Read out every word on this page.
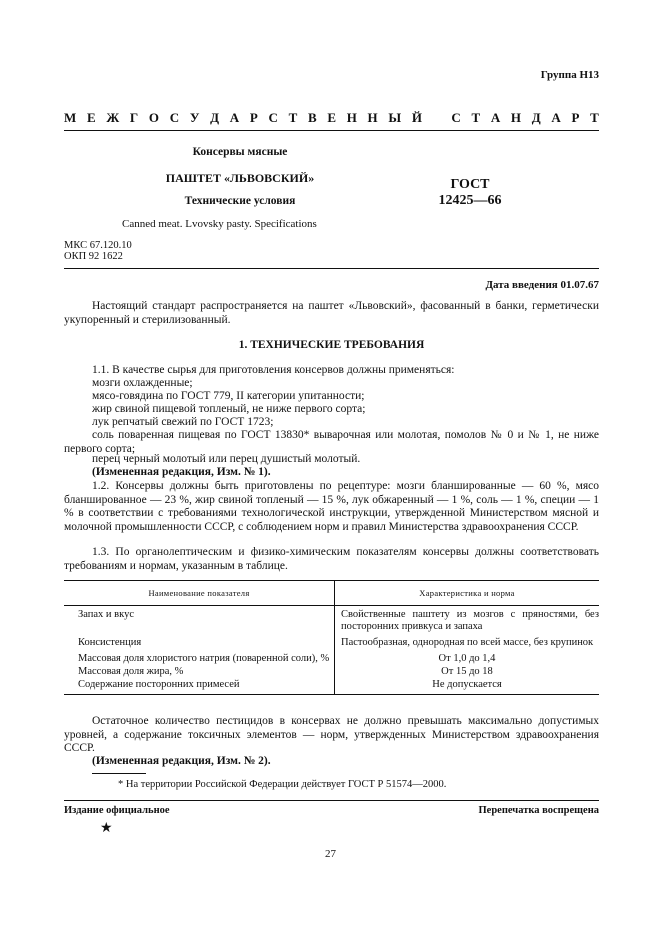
Группа Н13
М Е Ж Г О С У Д А Р С Т В Е Н Н Ы Й С Т А Н Д А Р Т
Консервы мясные
ПАШТЕТ «ЛЬВОВСКИЙ»
Технические условия
ГОСТ
12425—66
Canned meat. Lvovsky pasty. Specifications
МКС 67.120.10
ОКП 92 1622
Дата введения 01.07.67
Настоящий стандарт распространяется на паштет «Львовский», фасованный в банки, герметически укупоренный и стерилизованный.
1. ТЕХНИЧЕСКИЕ ТРЕБОВАНИЯ
1.1. В качестве сырья для приготовления консервов должны применяться:
мозги охлажденные;
мясо-говядина по ГОСТ 779, II категории упитанности;
жир свиной пищевой топленый, не ниже первого сорта;
лук репчатый свежий по ГОСТ 1723;
соль поваренная пищевая по ГОСТ 13830* выварочная или молотая, помолов № 0 и № 1, не ниже первого сорта;
перец черный молотый или перец душистый молотый.
(Измененная редакция, Изм. № 1).
1.2. Консервы должны быть приготовлены по рецептуре: мозги бланшированные — 60 %, мясо бланшированное — 23 %, жир свиной топленый — 15 %, лук обжаренный — 1 %, соль — 1 %, специи — 1 % в соответствии с требованиями технологической инструкции, утвержденной Министерством мясной и молочной промышленности СССР, с соблюдением норм и правил Министерства здравоохранения СССР.
1.3. По органолептическим и физико-химическим показателям консервы должны соответствовать требованиям и нормам, указанным в таблице.
Наименование показателя	Характеристика и норма
Запах и вкус	Свойственные паштету из мозгов с пряностями, без посторонних привкуса и запаха
Консистенция	Пастообразная, однородная по всей массе, без крупинок
Массовая доля хлористого натрия (поваренной соли), %	От 1,0 до 1,4
Массовая доля жира, %	От 15 до 18
Содержание посторонних примесей	Не допускается
Остаточное количество пестицидов в консервах не должно превышать максимально допустимых уровней, а содержание токсичных элементов — норм, утвержденных Министерством здравоохранения СССР.
(Измененная редакция, Изм. № 2).
* На территории Российской Федерации действует ГОСТ Р 51574—2000.
Издание официальное	Перепечатка воспрещена
★
27
